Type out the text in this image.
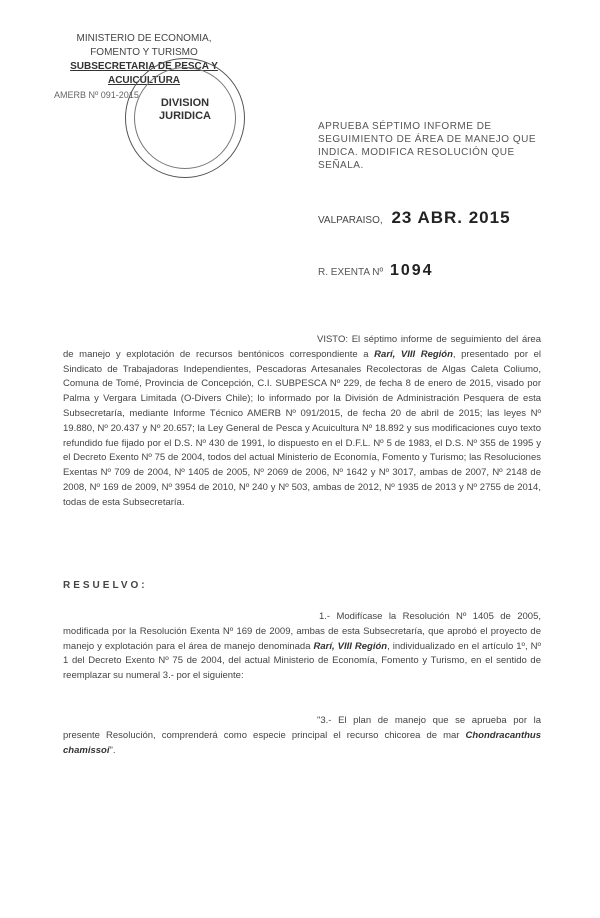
MINISTERIO DE ECONOMIA,
FOMENTO Y TURISMO
SUBSECRETARIA DE PESCA Y ACUICULTURA
AMERB Nº 091-2015
DIVISION
JURIDICA
APRUEBA SÉPTIMO INFORME DE SEGUIMIENTO DE ÁREA DE MANEJO QUE INDICA. MODIFICA RESOLUCIÓN QUE SEÑALA.
VALPARAISO, 23 ABR. 2015
R. EXENTA Nº 1094
VISTO: El séptimo informe de seguimiento del área de manejo y explotación de recursos bentónicos correspondiente a Rarí, VIII Región, presentado por el Sindicato de Trabajadoras Independientes, Pescadoras Artesanales Recolectoras de Algas Caleta Coliumo, Comuna de Tomé, Provincia de Concepción, C.I. SUBPESCA Nº 229, de fecha 8 de enero de 2015, visado por Palma y Vergara Limitada (O-Divers Chile); lo informado por la División de Administración Pesquera de esta Subsecretaría, mediante Informe Técnico AMERB Nº 091/2015, de fecha 20 de abril de 2015; las leyes Nº 19.880, Nº 20.437 y Nº 20.657; la Ley General de Pesca y Acuicultura Nº 18.892 y sus modificaciones cuyo texto refundido fue fijado por el D.S. Nº 430 de 1991, lo dispuesto en el D.F.L. Nº 5 de 1983, el D.S. Nº 355 de 1995 y el Decreto Exento Nº 75 de 2004, todos del actual Ministerio de Economía, Fomento y Turismo; las Resoluciones Exentas Nº 709 de 2004, Nº 1405 de 2005, Nº 2069 de 2006, Nº 1642 y Nº 3017, ambas de 2007, Nº 2148 de 2008, Nº 169 de 2009, Nº 3954 de 2010, Nº 240 y Nº 503, ambas de 2012, Nº 1935 de 2013 y Nº 2755 de 2014, todas de esta Subsecretaría.
RESUELVO:
1.- Modifícase la Resolución Nº 1405 de 2005, modificada por la Resolución Exenta Nº 169 de 2009, ambas de esta Subsecretaría, que aprobó el proyecto de manejo y explotación para el área de manejo denominada Rarí, VIII Región, individualizado en el artículo 1º, Nº 1 del Decreto Exento Nº 75 de 2004, del actual Ministerio de Economía, Fomento y Turismo, en el sentido de reemplazar su numeral 3.- por el siguiente:
"3.- El plan de manejo que se aprueba por la presente Resolución, comprenderá como especie principal el recurso chicorea de mar Chondracanthus chamissoi".
